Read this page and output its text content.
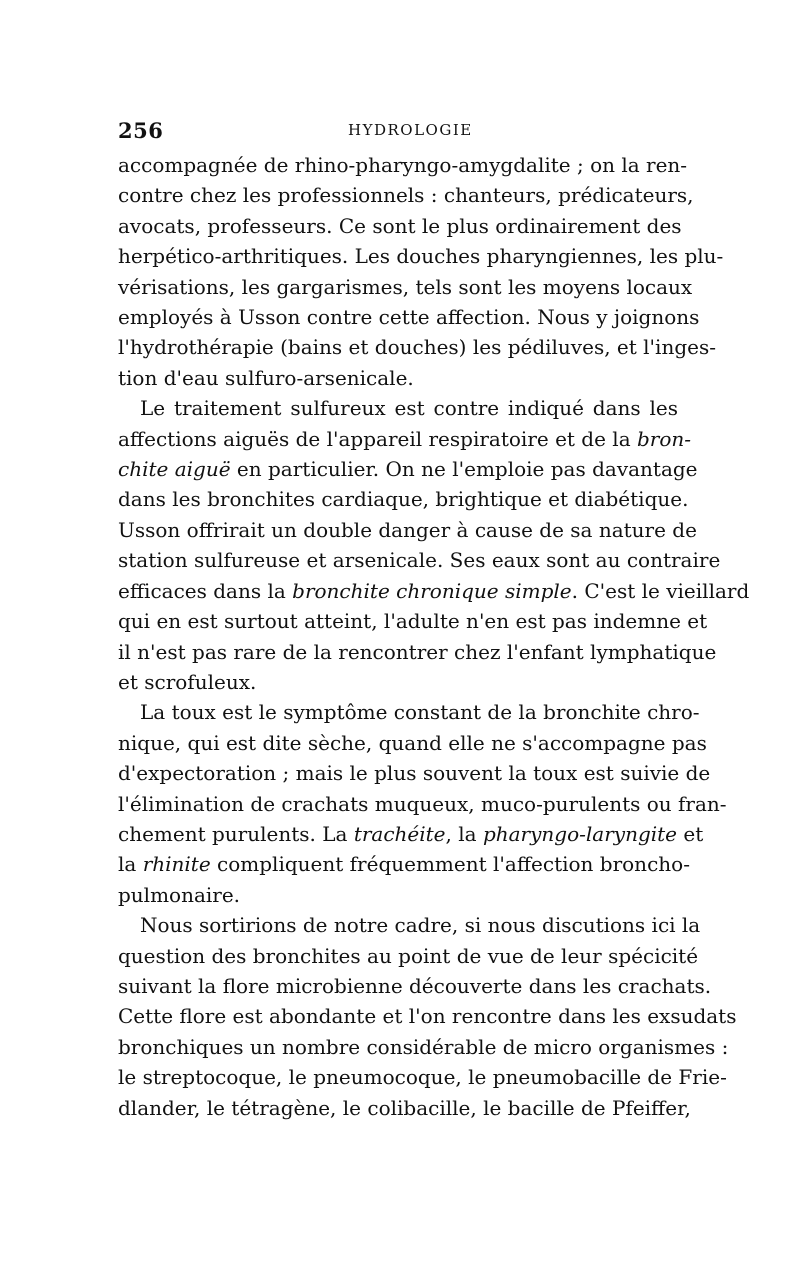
256	HYDROLOGIE
accompagnée de rhino-pharyngo-amygdalite ; on la ren-
contre chez les professionnels : chanteurs, prédicateurs,
avocats, professeurs. Ce sont le plus ordinairement des
herpético-arthritiques. Les douches pharyngiennes, les plu-
vérisations, les gargarismes, tels sont les moyens locaux
employés à Usson contre cette affection. Nous y joignons
l'hydrothérapie (bains et douches) les pédiluves, et l'inges-
tion d'eau sulfuro-arsenicale.
Le traitement sulfureux est contre indiqué dans les
affections aiguës de l'appareil respiratoire et de la bron-
chite aiguë en particulier. On ne l'emploie pas davantage
dans les bronchites cardiaque, brightique et diabétique.
Usson offrirait un double danger à cause de sa nature de
station sulfureuse et arsenicale. Ses eaux sont au contraire
efficaces dans la bronchite chronique simple. C'est le vieillard
qui en est surtout atteint, l'adulte n'en est pas indemne et
il n'est pas rare de la rencontrer chez l'enfant lymphatique
et scrofuleux.
La toux est le symptôme constant de la bronchite chro-
nique, qui est dite sèche, quand elle ne s'accompagne pas
d'expectoration ; mais le plus souvent la toux est suivie de
l'élimination de crachats muqueux, muco-purulents ou fran-
chement purulents. La trachéite, la pharyngo-laryngite et
la rhinite compliquent fréquemment l'affection broncho-
pulmonaire.
Nous sortirions de notre cadre, si nous discutions ici la
question des bronchites au point de vue de leur spécicité
suivant la flore microbienne découverte dans les crachats.
Cette flore est abondante et l'on rencontre dans les exsudats
bronchiques un nombre considérable de micro organismes :
le streptocoque, le pneumocoque, le pneumobacille de Frie-
dlander, le tétragène, le colibacille, le bacille de Pfeiffer,
